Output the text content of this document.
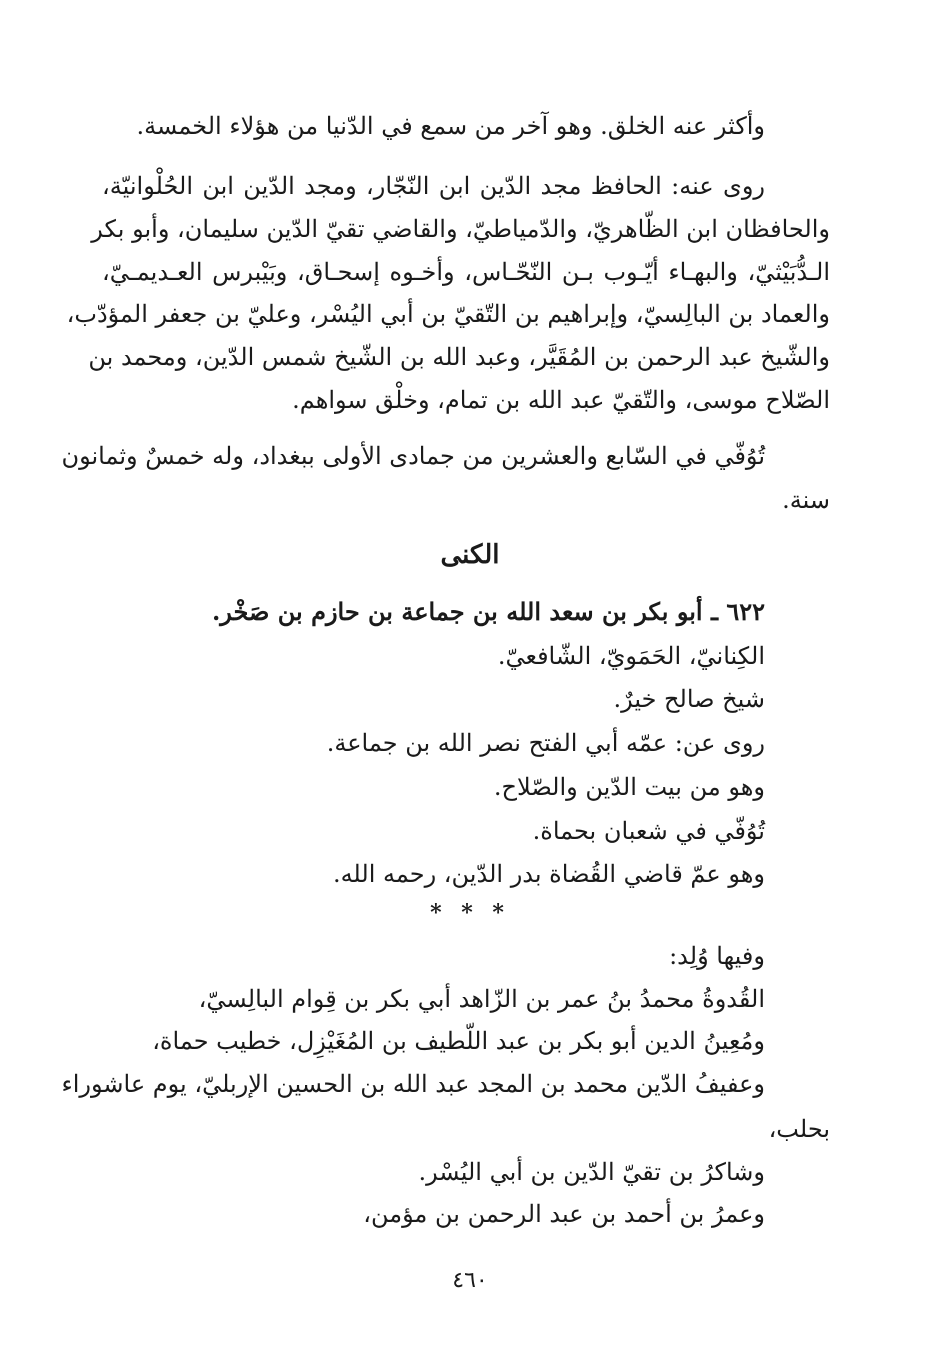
وأكثر عنه الخلق. وهو آخر من سمع في الدّنيا من هؤلاء الخمسة.
روى عنه: الحافظ مجد الدّين ابن النّجّار، ومجد الدّين ابن الحُلْوانيّة،
والحافظان ابن الظّاهريّ، والدّمياطيّ، والقاضي تقيّ الدّين سليمان، وأبو بكر
الـدُّبَيْثيّ، والبهـاء أيّـوب بـن النّحّـاس، وأخـوه إسحـاق، وبَيْبرس العـديمـيّ،
والعماد بن البالِسيّ، وإبراهيم بن التّقيّ بن أبي اليُسْر، وعليّ بن جعفر المؤدّب،
والشّيخ عبد الرحمن بن المُقَيَّر، وعبد الله بن الشّيخ شمس الدّين، ومحمد بن
الصّلاح موسى، والتّقيّ عبد الله بن تمام، وخلْق سواهم.
تُوُفّي في السّابع والعشرين من جمادى الأولى ببغداد، وله خمسٌ وثمانون
سنة.
الكنى
٦٢٢ ـ أبو بكر بن سعد الله بن جماعة بن حازم بن صَخْر.
الكِنانيّ، الحَمَويّ، الشّافعيّ.
شيخ صالح خيرٌ.
روى عن: عمّه أبي الفتح نصر الله بن جماعة.
وهو من بيت الدّين والصّلاح.
تُوُفّي في شعبان بحماة.
وهو عمّ قاضي القُضاة بدر الدّين، رحمه الله.
* * *
وفيها وُلِد:
القُدوةُ محمدُ بنُ عمر بن الزّاهد أبي بكر بن قِوام البالِسيّ،
ومُعِينُ الدين أبو بكر بن عبد اللّطيف بن المُغَيْزِل، خطيب حماة،
وعفيفُ الدّين محمد بن المجد عبد الله بن الحسين الإربليّ، يوم عاشوراء
بحلب،
وشاكرُ بن تقيّ الدّين بن أبي اليُسْر.
وعمرُ بن أحمد بن عبد الرحمن بن مؤمن،
٤٦٠
